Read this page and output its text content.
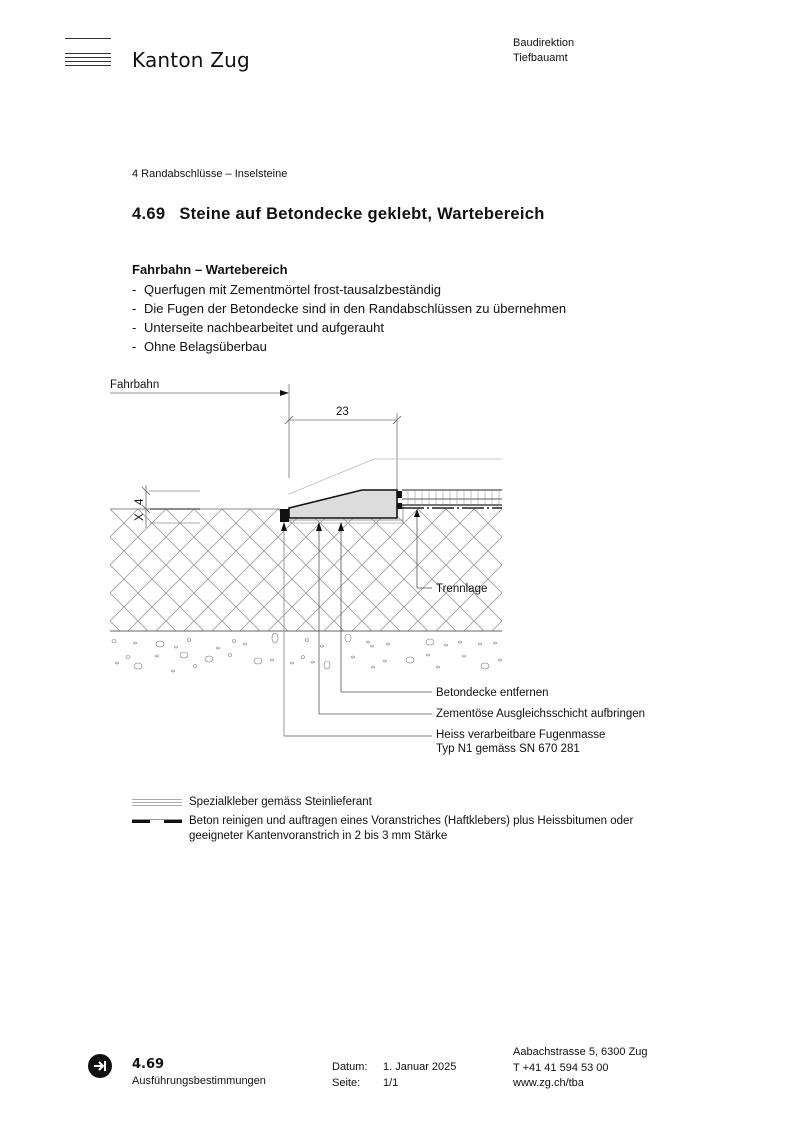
Kanton Zug
Baudirektion
Tiefbauamt
4 Randabschlüsse – Inselsteine
4.69 Steine auf Betondecke geklebt, Wartebereich
Fahrbahn – Wartebereich
- Querfugen mit Zementmörtel frost-tausalzbeständig
- Die Fugen der Betondecke sind in den Randabschlüssen zu übernehmen
- Unterseite nachbearbeitet und aufgerauht
- Ohne Belagsüberbau
Fahrbahn
23
4
Trennlage
Betondecke entfernen
Zementöse Ausgleichsschicht aufbringen
Heiss verarbeitbare Fugenmasse
Typ N1 gemäss SN 670 281
Spezialkleber gemäss Steinlieferant
Beton reinigen und auftragen eines Voranstriches (Haftklebers) plus Heissbitumen oder
geeigneter Kantenvoranstrich in 2 bis 3 mm Stärke
4.69
Ausführungsbestimmungen
Datum: 1. Januar 2025
Seite: 1/1
Aabachstrasse 5, 6300 Zug
T +41 41 594 53 00
www.zg.ch/tba
